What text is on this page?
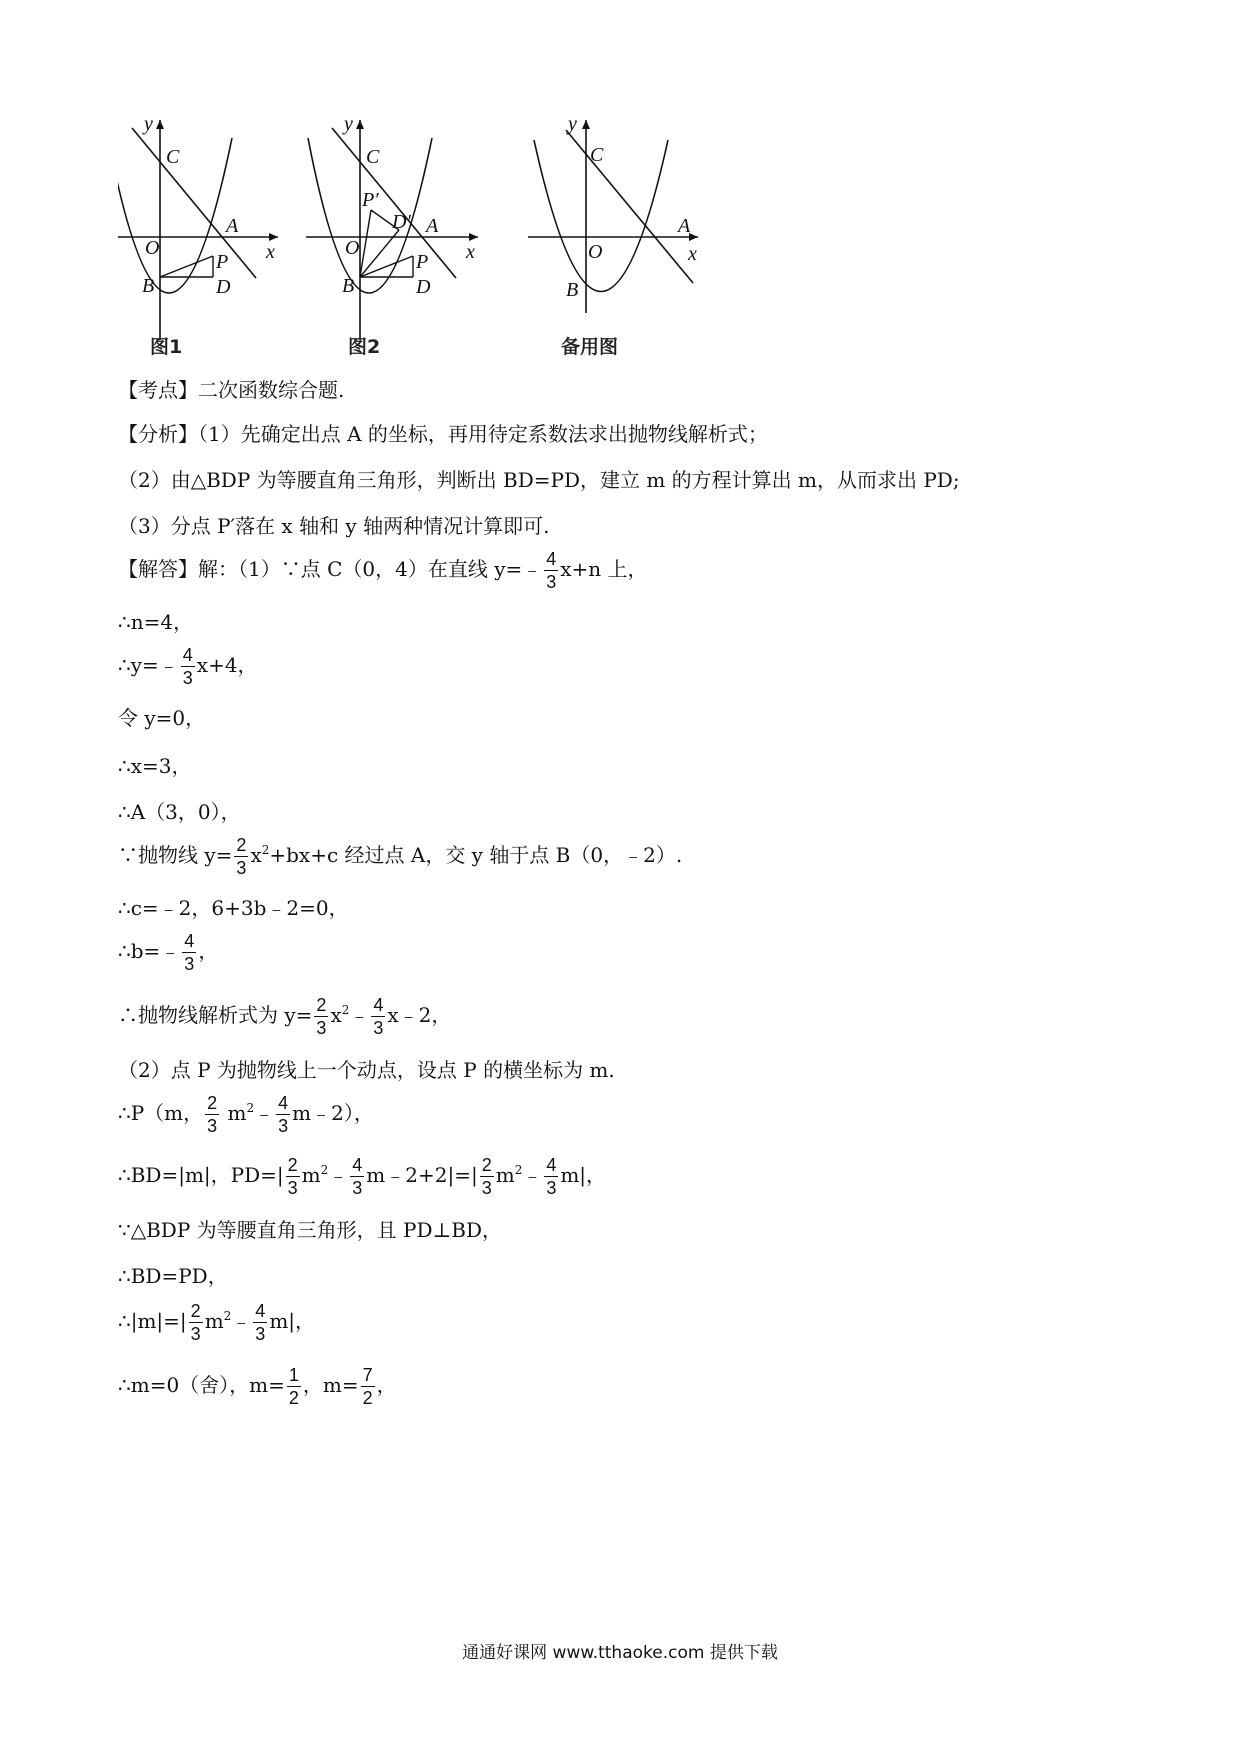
y
x
C
O
A
B
P
D
图1
y
x
C
O
A
B
P
D
P′
D′
图2
y
x
C
O
A
B
备用图
【考点】二次函数综合题.
【分析】（1）先确定出点 A 的坐标，再用待定系数法求出抛物线解析式；
（2）由△BDP 为等腰直角三角形，判断出 BD=PD，建立 m 的方程计算出 m，从而求出 PD;
（3）分点 P′落在 x 轴和 y 轴两种情况计算即可.
【解答】解：（1）∵点 C（0，4）在直线 y=﹣ $\frac{4}{3} x+n$ 上，
∴n=4，
∴y=﹣ $\frac{4}{3} x+4$，
令 y=0，
∴x=3，
∴A（3，0），
∵抛物线 $y= \frac{2}{3} x^2+bx+c$ 经过点 A，交 y 轴于点 B（0，﹣2）.
∴c=﹣2，6+3b﹣2=0，
∴b=﹣ $\frac{4}{3}$ ，
∴抛物线解析式为 $y= \frac{2}{3}$ $x^2﹣ \frac{4}{3}$ x﹣2，
（2）点 P 为抛物线上一个动点，设点 P 的横坐标为 m.
∴P（m， $\frac{2}{3}$ $m^2﹣ \frac{4}{3}$ m﹣2），
∴BD=|m|，$PD=| \frac{2}{3}$ $m^2﹣ \frac{4}{3}$ m﹣2+2|=| $\frac{2}{3}$ $m^2﹣ \frac{4}{3} m|$，
∵△BDP 为等腰直角三角形，且 PD⊥BD，
∴BD=PD，
∴|m|=| $\frac{2}{3}$ $m^2﹣ \frac{4}{3} m|$，
∴m=0（舍），$m= \frac{1}{2}$ ，$m= \frac{7}{2}$ ，
通通好课网 www.tthaoke.com 提供下载
